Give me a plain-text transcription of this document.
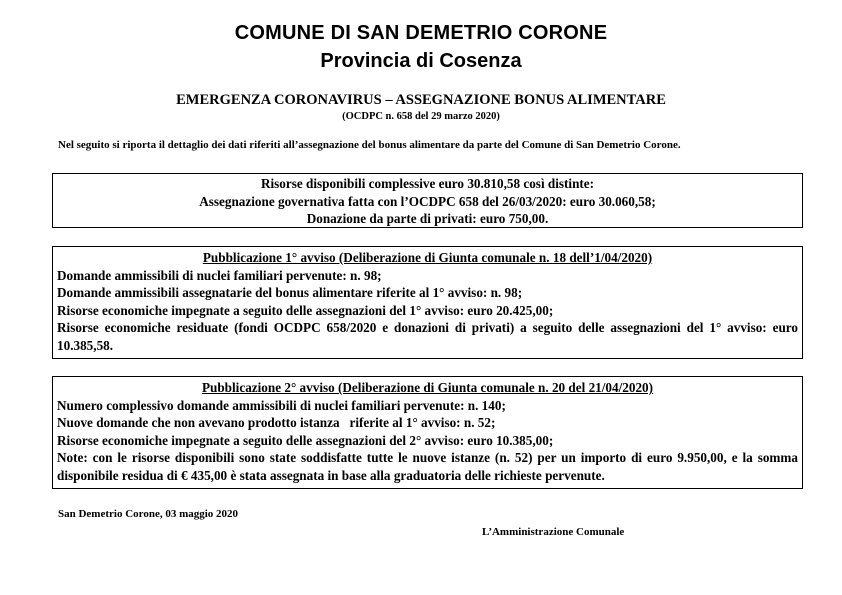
COMUNE DI SAN DEMETRIO CORONE
Provincia di Cosenza
EMERGENZA CORONAVIRUS – ASSEGNAZIONE BONUS ALIMENTARE
(OCDPC n. 658 del 29 marzo 2020)
Nel seguito si riporta il dettaglio dei dati riferiti all’assegnazione del bonus alimentare da parte del Comune di San Demetrio Corone.
Risorse disponibili complessive euro 30.810,58 così distinte:
Assegnazione governativa fatta con l’OCDPC 658 del 26/03/2020: euro 30.060,58;
Donazione da parte di privati: euro 750,00.
Pubblicazione 1° avviso (Deliberazione di Giunta comunale n. 18 dell’1/04/2020)
Domande ammissibili di nuclei familiari pervenute: n. 98;
Domande ammissibili assegnatarie del bonus alimentare riferite al 1° avviso: n. 98;
Risorse economiche impegnate a seguito delle assegnazioni del 1° avviso: euro 20.425,00;
Risorse economiche residuate (fondi OCDPC 658/2020 e donazioni di privati) a seguito delle assegnazioni del 1° avviso: euro 10.385,58.
Pubblicazione 2° avviso (Deliberazione di Giunta comunale n. 20 del 21/04/2020)
Numero complessivo domande ammissibili di nuclei familiari pervenute: n. 140;
Nuove domande che non avevano prodotto istanza   riferite al 1° avviso: n. 52;
Risorse economiche impegnate a seguito delle assegnazioni del 2° avviso: euro 10.385,00;
Note: con le risorse disponibili sono state soddisfatte tutte le nuove istanze (n. 52) per un importo di euro 9.950,00, e la somma disponibile residua di € 435,00 è stata assegnata in base alla graduatoria delle richieste pervenute.
San Demetrio Corone, 03 maggio 2020
L’Amministrazione Comunale
